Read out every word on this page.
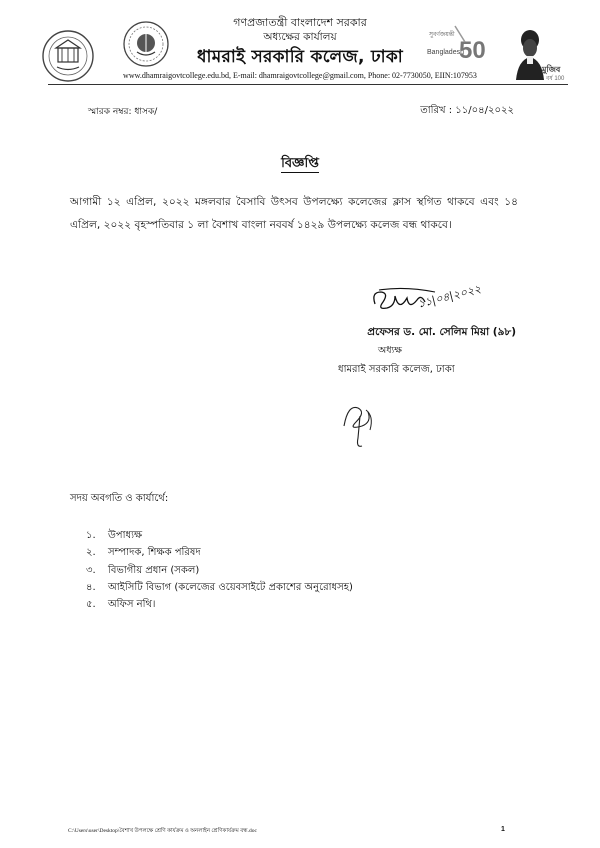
সুবর্ণজয়ন্তী
Bangladesh
50
মুজিব
বর্ষ 100
গণপ্রজাতন্ত্রী বাংলাদেশ সরকার
অধ্যক্ষের কার্যালয়
ধামরাই সরকারি কলেজ, ঢাকা
www.dhamraigovtcollege.edu.bd, E-mail: dhamraigovtcollege@gmail.com, Phone: 02-7730050, EIIN:107953
স্মারক নম্বর: ধাসক/	তারিখ : ১১/০৪/২০২২
বিজ্ঞপ্তি
আগামী ১২ এপ্রিল, ২০২২ মঙ্গলবার বৈসাবি উৎসব উপলক্ষ্যে কলেজের ক্লাস স্থগিত থাকবে এবং ১৪ এপ্রিল, ২০২২ বৃহস্পতিবার ১ লা বৈশাখ বাংলা নববর্ষ ১৪২৯ উপলক্ষ্যে কলেজ বন্ধ থাকবে।
১১|০৪|২০২২
প্রফেসর ড. মো. সেলিম মিয়া (৯৮)
অধ্যক্ষ
ধামরাই সরকারি কলেজ, ঢাকা
সদয় অবগতি ও কার্যার্থে:
১. উপাধ্যক্ষ
২. সম্পাদক, শিক্ষক পরিষদ
৩. বিভাগীয় প্রধান (সকল)
৪. আইসিটি বিভাগ (কলেজের ওয়েবসাইটে প্রকাশের অনুরোধসহ)
৫. অফিস নথি।
C:\Users\user\Desktop\বৈশাখ উপলক্ষে শ্রেণি কার্যক্রম ও অনলাইন শ্রেণিকার্যক্রম বন্ধ.doc	1
